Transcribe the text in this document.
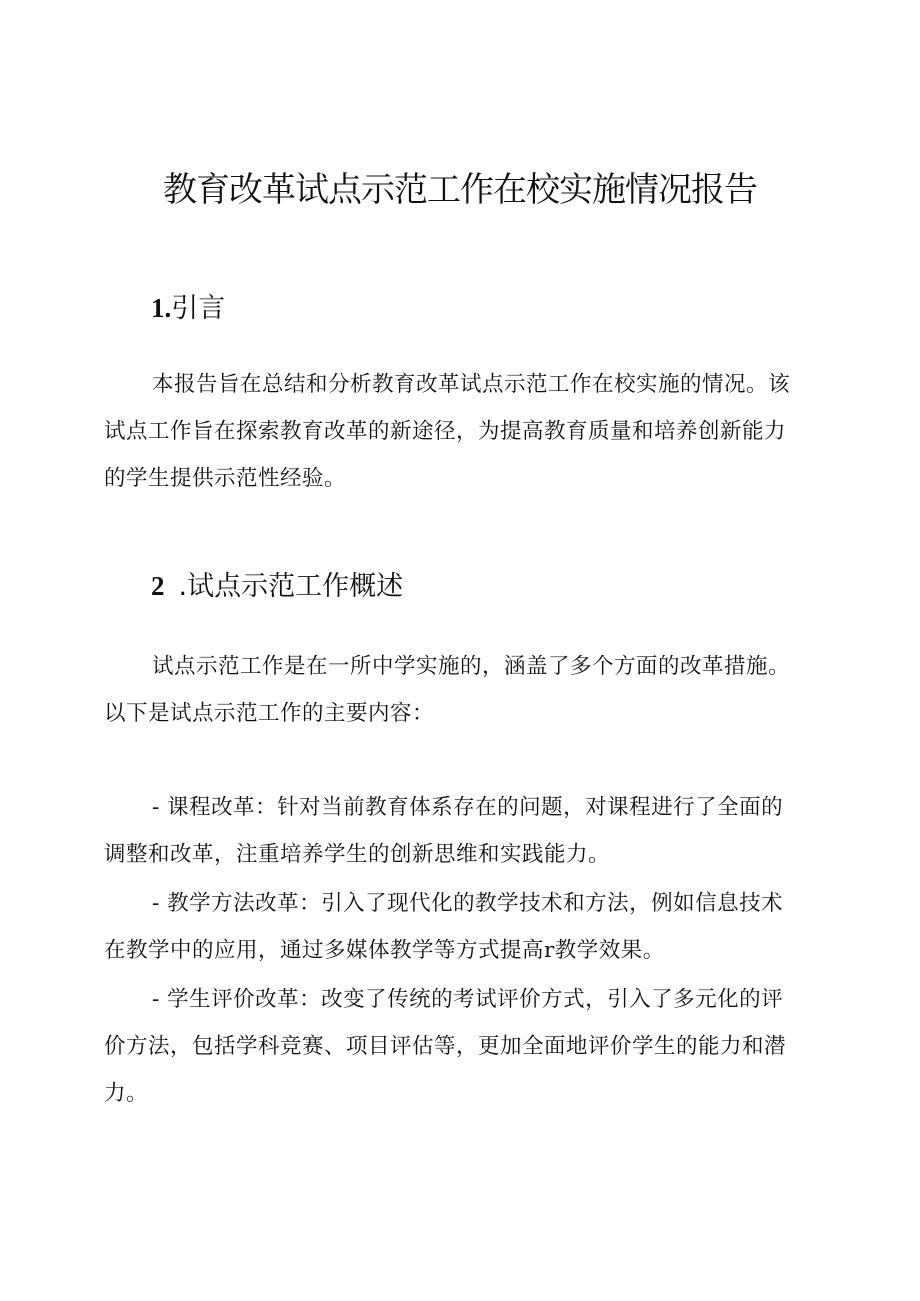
教育改革试点示范工作在校实施情况报告
1.引言

本报告旨在总结和分析教育改革试点示范工作在校实施的情况。该试点工作旨在探索教育改革的新途径，为提高教育质量和培养创新能力的学生提供示范性经验。

2 .试点示范工作概述

试点示范工作是在一所中学实施的，涵盖了多个方面的改革措施。以下是试点示范工作的主要内容：

- 课程改革：针对当前教育体系存在的问题，对课程进行了全面的调整和改革，注重培养学生的创新思维和实践能力。

- 教学方法改革：引入了现代化的教学技术和方法，例如信息技术在教学中的应用，通过多媒体教学等方式提高r教学效果。

- 学生评价改革：改变了传统的考试评价方式，引入了多元化的评价方法，包括学科竞赛、项目评估等，更加全面地评价学生的能力和潜力。
